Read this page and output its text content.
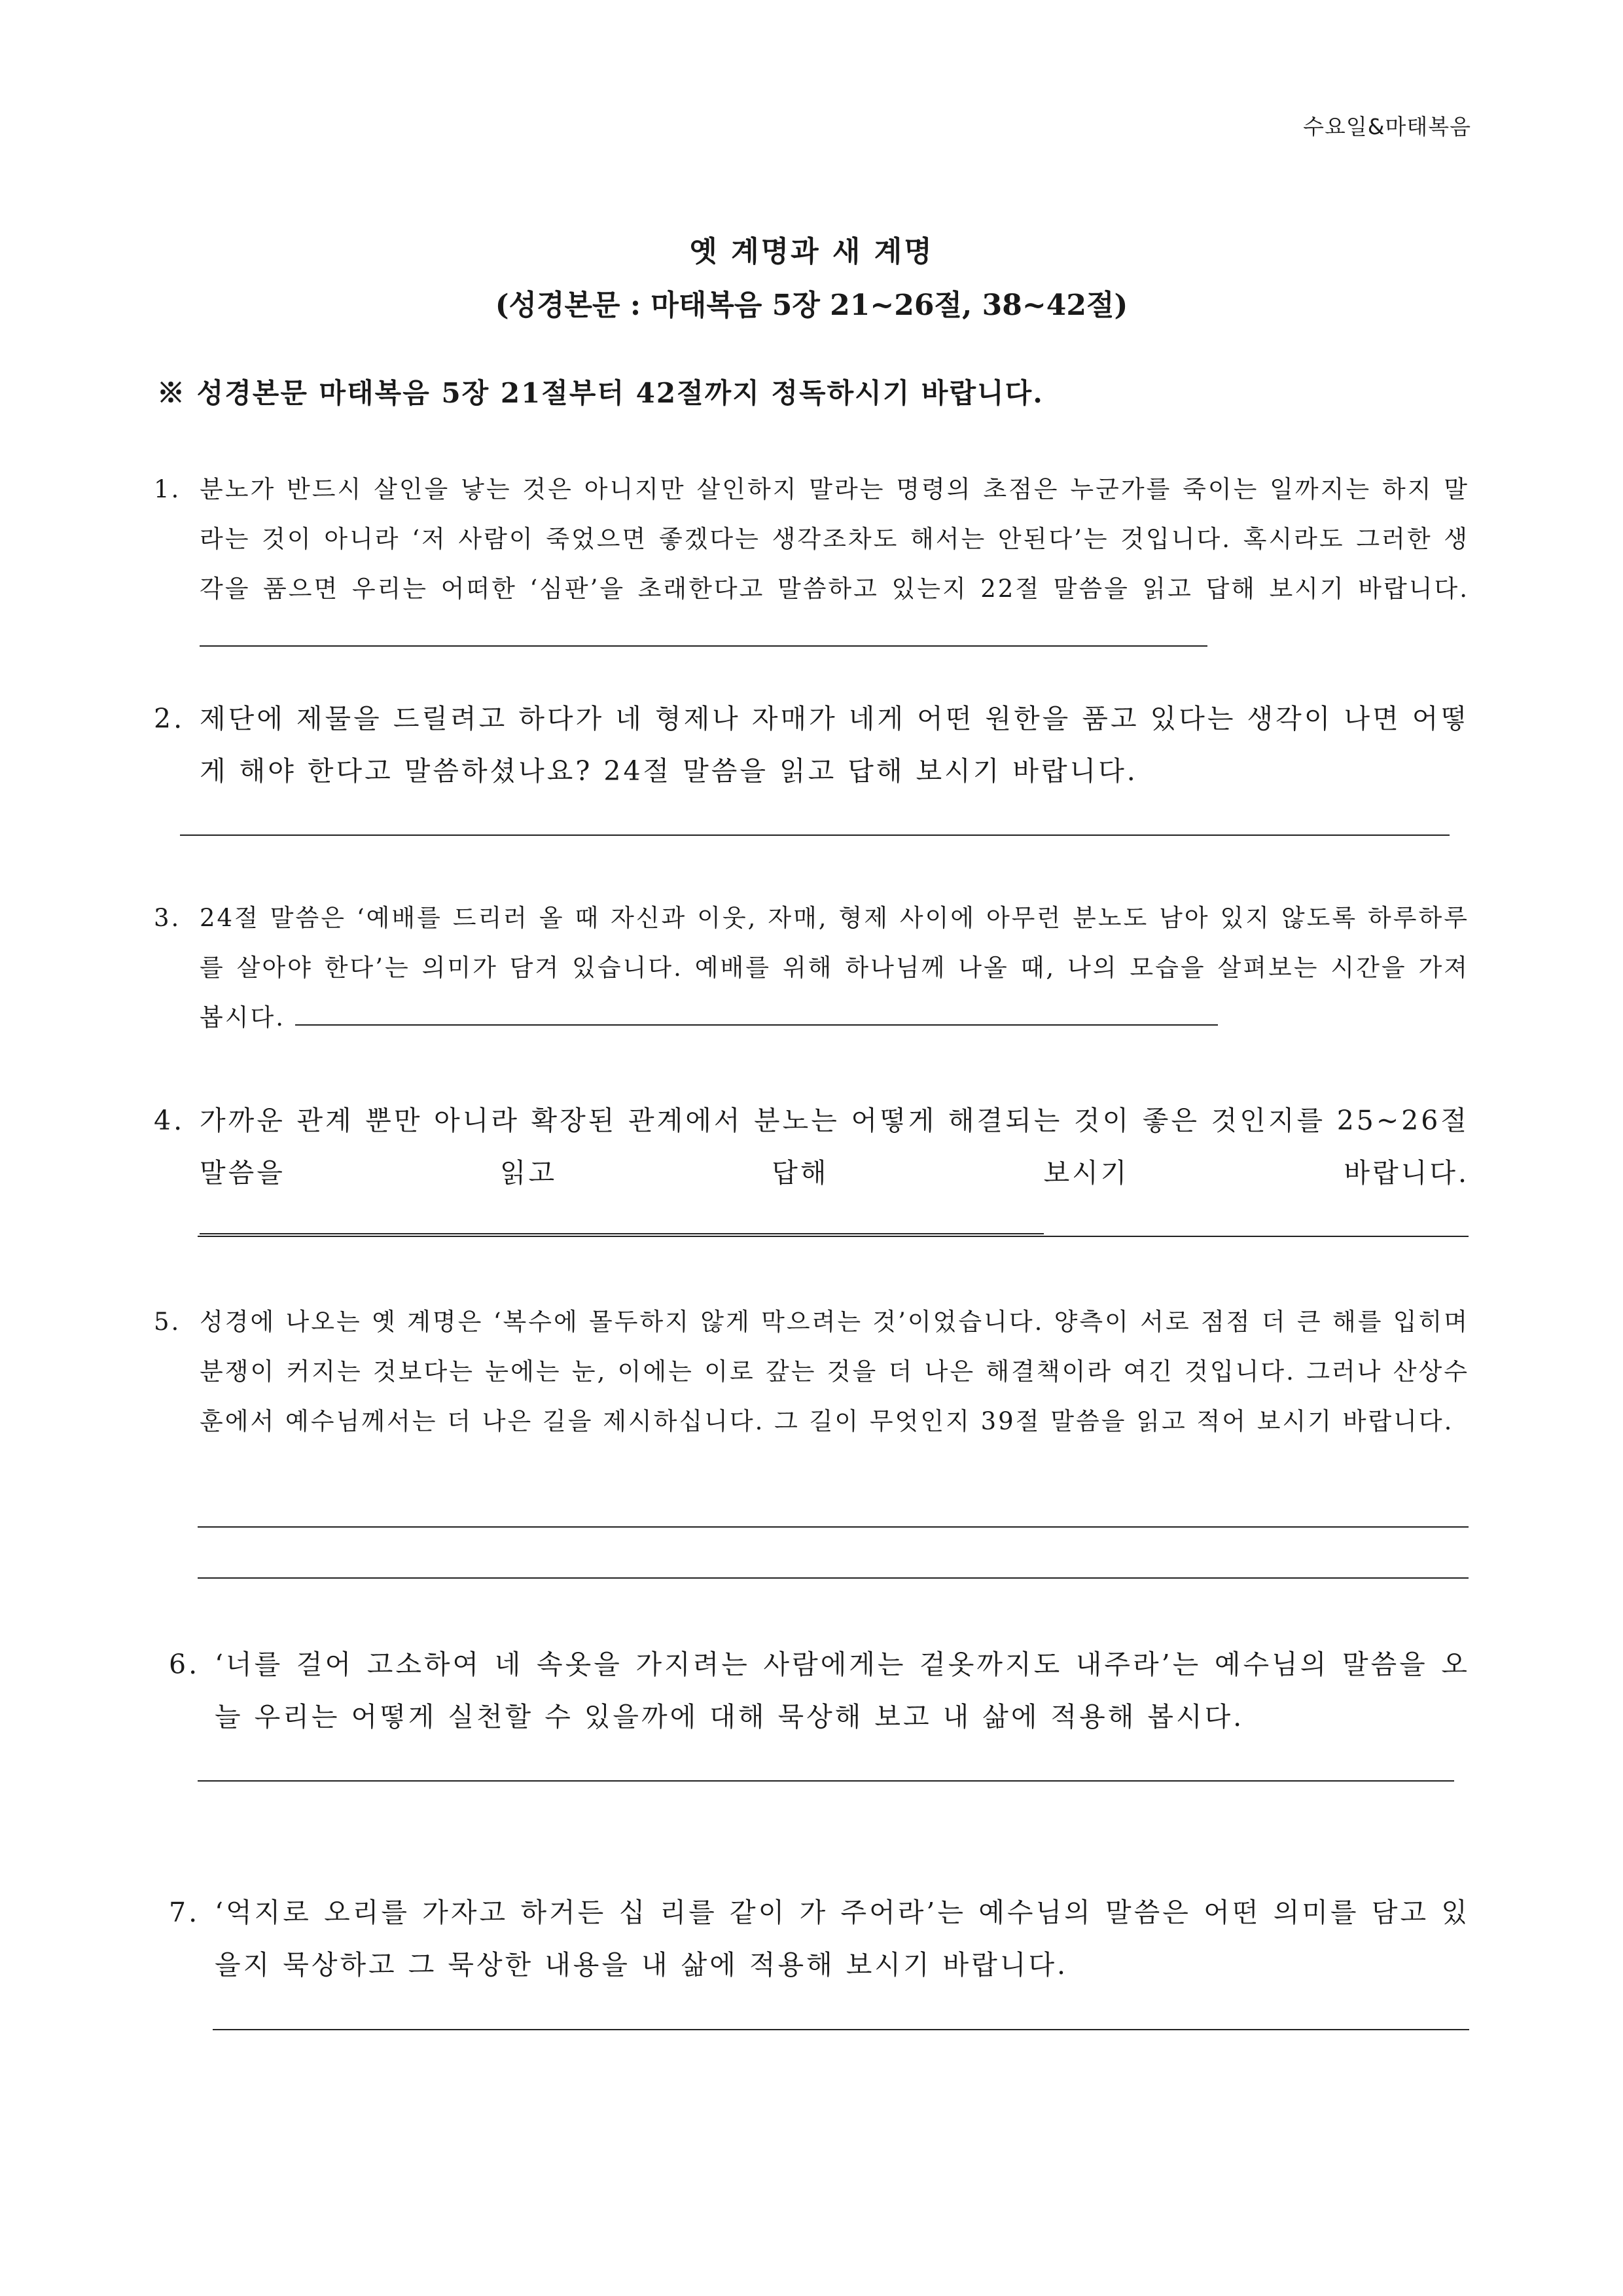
수요일&마태복음
옛 계명과 새 계명
(성경본문 : 마태복음 5장 21~26절, 38~42절)
※ 성경본문 마태복음 5장 21절부터 42절까지 정독하시기 바랍니다.
1. 분노가 반드시 살인을 낳는 것은 아니지만 살인하지 말라는 명령의 초점은 누군가를 죽이는 일까지는 하지 말라는 것이 아니라 ‘저 사람이 죽었으면 좋겠다는 생각조차도 해서는 안된다’는 것입니다. 혹시라도 그러한 생각을 품으면 우리는 어떠한 ‘심판’을 초래한다고 말씀하고 있는지 22절 말씀을 읽고 답해 보시기 바랍니다.
2. 제단에 제물을 드릴려고 하다가 네 형제나 자매가 네게 어떤 원한을 품고 있다는 생각이 나면 어떻게 해야 한다고 말씀하셨나요? 24절 말씀을 읽고 답해 보시기 바랍니다.
3. 24절 말씀은 ‘예배를 드리러 올 때 자신과 이웃, 자매, 형제 사이에 아무런 분노도 남아 있지 않도록 하루하루를 살아야 한다’는 의미가 담겨 있습니다. 예배를 위해 하나님께 나올 때, 나의 모습을 살펴보는 시간을 가져 봅시다.
4. 가까운 관계 뿐만 아니라 확장된 관계에서 분노는 어떻게 해결되는 것이 좋은 것인지를 25~26절 말씀을 읽고 답해 보시기 바랍니다.
5. 성경에 나오는 옛 계명은 ‘복수에 몰두하지 않게 막으려는 것’이었습니다. 양측이 서로 점점 더 큰 해를 입히며 분쟁이 커지는 것보다는 눈에는 눈, 이에는 이로 갚는 것을 더 나은 해결책이라 여긴 것입니다. 그러나 산상수훈에서 예수님께서는 더 나은 길을 제시하십니다. 그 길이 무엇인지 39절 말씀을 읽고 적어 보시기 바랍니다.
6. ‘너를 걸어 고소하여 네 속옷을 가지려는 사람에게는 겉옷까지도 내주라’는 예수님의 말씀을 오늘 우리는 어떻게 실천할 수 있을까에 대해 묵상해 보고 내 삶에 적용해 봅시다.
7. ‘억지로 오리를 가자고 하거든 십 리를 같이 가 주어라’는 예수님의 말씀은 어떤 의미를 담고 있을지 묵상하고 그 묵상한 내용을 내 삶에 적용해 보시기 바랍니다.
